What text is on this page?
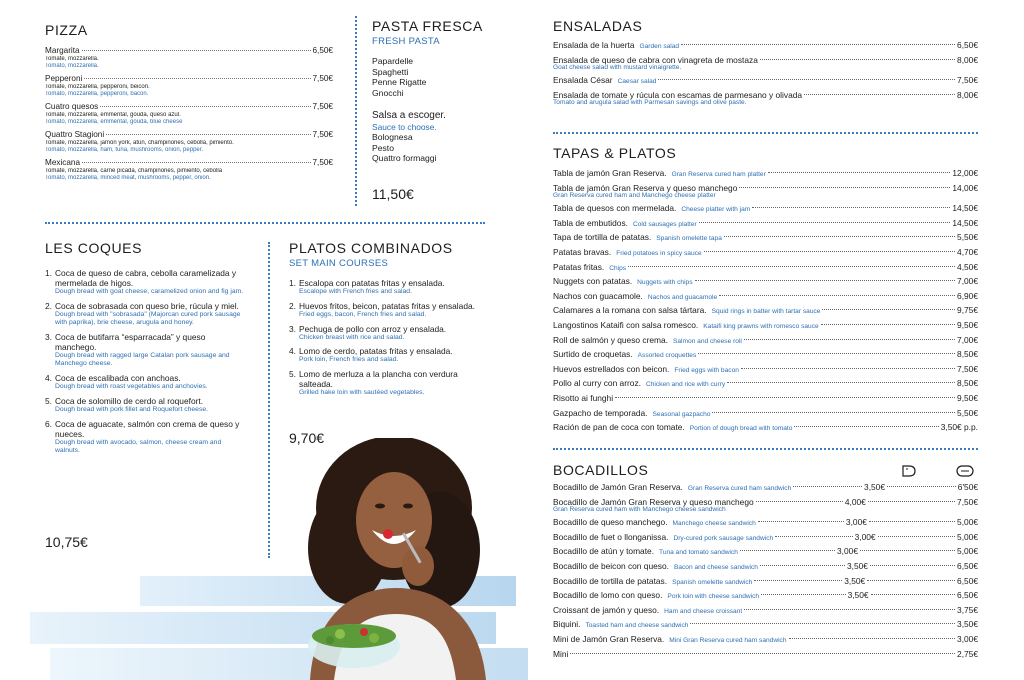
PIZZA
Margarita	6,50€
Tomate, mozzarella.
Tomato, mozzarella.
Pepperoni	7,50€
Tomate, mozzarella, pepperoni, beicon.
Tomato, mozzarella, pepperoni, bacon.
Cuatro quesos	7,50€
Tomate, mozzarella, emmental, gouda, queso azul.
Tomato, mozzarella, emmental, gouda, blue cheese
Quattro Stagioni	7,50€
Tomate, mozzarella, jamón york, atún, champiñones, cebolla, pimiento.
Tomato, mozzarella, ham, tuna, mushrooms, onion, pepper.
Mexicana	7,50€
Tomate, mozzarella, carne picada, champiñones, pimiento, cebolla
Tomato, mozzarella, minced meat, mushrooms, pepper, onion.
PASTA FRESCA
FRESH PASTA
Papardelle
Spaghetti
Penne Rigatte
Gnocchi
Salsa a escoger.
Sauce to choose.
Bolognesa
Pesto
Quattro formaggi
11,50€
LES COQUES
1. Coca de queso de cabra, cebolla caramelizada y mermelada de higos.
Dough bread with goat cheese, caramelized onion and fig jam.
2. Coca de sobrasada con queso brie, rúcula y miel.
Dough bread with "sobrasada" (Majorcan cured pork sausage with paprika), brie cheese, arugula and honey.
3. Coca de butifarra “esparracada” y queso manchego.
Dough bread with ragged large Catalan pork sausage and Manchego cheese.
4. Coca de escalibada con anchoas.
Dough bread with roast vegetables and anchovies.
5. Coca de solomillo de cerdo al roquefort.
Dough bread with pork fillet and Roquefort cheese.
6. Coca de aguacate, salmón con crema de queso y nueces.
Dough bread with avocado, salmon, cheese cream and walnuts.
10,75€
PLATOS COMBINADOS
SET MAIN COURSES
1. Escalopa con patatas fritas y ensalada.
Escalope with French fries and salad.
2. Huevos fritos, beicon, patatas fritas y ensalada.
Fried eggs, bacon, French fries and salad.
3. Pechuga de pollo con arroz y ensalada.
Chicken breast with rice and salad.
4. Lomo de cerdo, patatas fritas y ensalada.
Pork loin, French fries and salad.
5. Lomo de merluza a la plancha con verdura salteada.
Grilled hake loin with sautéed vegetables.
9,70€
ENSALADAS
Ensalada de la huerta Garden salad	6,50€
Ensalada de queso de cabra con vinagreta de mostaza	8,00€
Goat cheese salad with mustard vinaigrette.
Ensalada César Caesar salad	7,50€
Ensalada de tomate y rúcula con escamas de parmesano y olivada	8,00€
Tomato and arugula salad with Parmesan savings and olive paste.
TAPAS & PLATOS
Tabla de jamón Gran Reserva. Gran Reserva cured ham platter	12,00€
Tabla de jamón Gran Reserva y queso manchego	14,00€
Gran Reserva cured ham and Manchego cheese platter
Tabla de quesos con mermelada. Cheese platter with jam	14,50€
Tabla de embutidos. Cold sausages platter	14,50€
Tapa de tortilla de patatas. Spanish omelette tapa	5,50€
Patatas bravas. Fried potatoes in spicy sauce	4,70€
Patatas fritas. Chips	4,50€
Nuggets con patatas. Nuggets with chips	7,00€
Nachos con guacamole. Nachos and guacamole	6,90€
Calamares a la romana con salsa tártara. Squid rings in batter with tartar sauce	9,75€
Langostinos Kataifi con salsa romesco. Kataifi king prawns with romesco sauce	9,50€
Roll de salmón y queso crema. Salmon and cheese roll	7,00€
Surtido de croquetas. Assorted croquettes	8,50€
Huevos estrellados con beicon. Fried eggs with bacon	7,50€
Pollo al curry con arroz. Chicken and rice with curry	8,50€
Risotto ai funghi	9,50€
Gazpacho de temporada. Seasonal gazpacho	5,50€
Ración de pan de coca con tomate. Portion of dough bread with tomato	3,50€ p.p.
BOCADILLOS
Bocadillo de Jamón Gran Reserva. Gran Reserva cured ham sandwich	3,50€	6'50€
Bocadillo de Jamón Gran Reserva y queso manchego	4,00€	7,50€
Gran Reserva cured ham with Manchego cheese sandwich
Bocadillo de queso manchego. Manchego cheese sandwich	3,00€	5,00€
Bocadillo de fuet o llonganissa. Dry-cured pork sausage sandwich	3,00€	5,00€
Bocadillo de atún y tomate. Tuna and tomato sandwich	3,00€	5,00€
Bocadillo de beicon con queso. Bacon and cheese sandwich	3,50€	6,50€
Bocadillo de tortilla de patatas. Spanish omelette sandwich	3,50€	6,50€
Bocadillo de lomo con queso. Pork loin with cheese sandwich	3,50€	6,50€
Croissant de jamón y queso. Ham and cheese croissant	3,75€
Biquini. Toasted ham and cheese sandwich	3,50€
Mini de Jamón Gran Reserva. Mini Gran Reserva cured ham sandwich	3,00€
Mini	2,75€
